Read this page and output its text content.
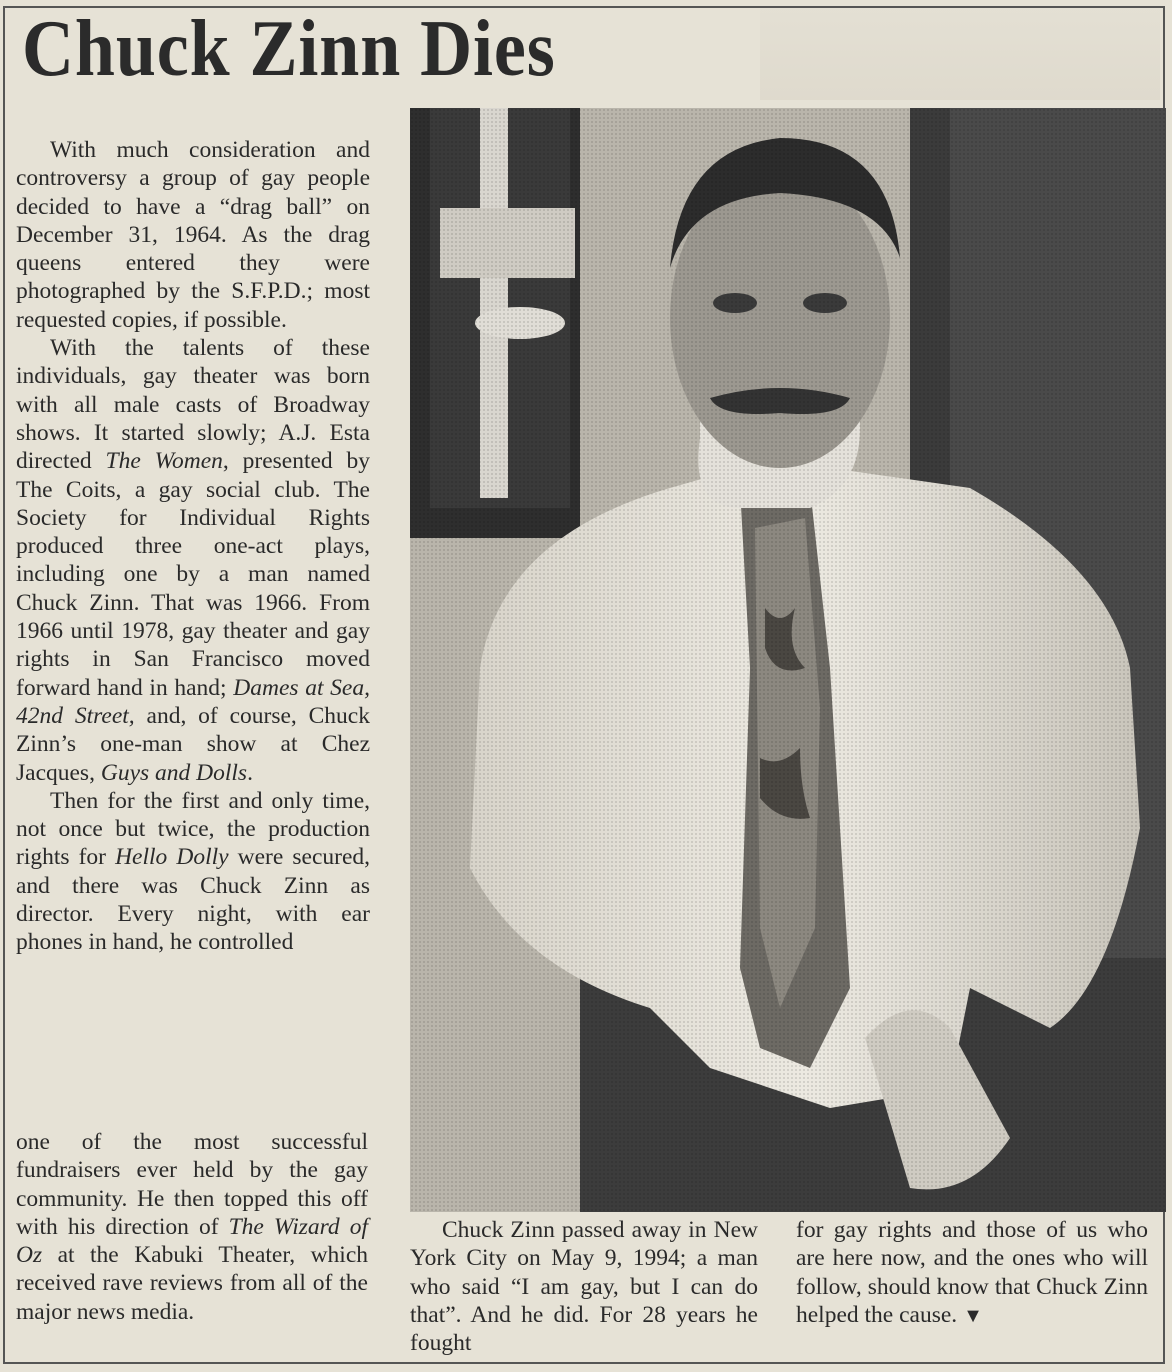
Chuck Zinn Dies

With much consideration and controversy a group of gay people decided to have a “drag ball” on December 31, 1964. As the drag queens entered they were photographed by the S.F.P.D.; most requested copies, if possible.

With the talents of these individuals, gay theater was born with all male casts of Broadway shows. It started slowly; A.J. Esta directed The Women, presented by The Coits, a gay social club. The Society for Individual Rights produced three one-act plays, including one by a man named Chuck Zinn. That was 1966. From 1966 until 1978, gay theater and gay rights in San Francisco moved forward hand in hand; Dames at Sea, 42nd Street, and, of course, Chuck Zinn’s one-man show at Chez Jacques, Guys and Dolls.

Then for the first and only time, not once but twice, the production rights for Hello Dolly were secured, and there was Chuck Zinn as director. Every night, with ear phones in hand, he controlled

one of the most successful fundraisers ever held by the gay community. He then topped this off with his direction of The Wizard of Oz at the Kabuki Theater, which received rave reviews from all of the major news media.

Chuck Zinn passed away in New York City on May 9, 1994; a man who said “I am gay, but I can do that”. And he did. For 28 years he fought

for gay rights and those of us who are here now, and the ones who will follow, should know that Chuck Zinn helped the cause. ▼
